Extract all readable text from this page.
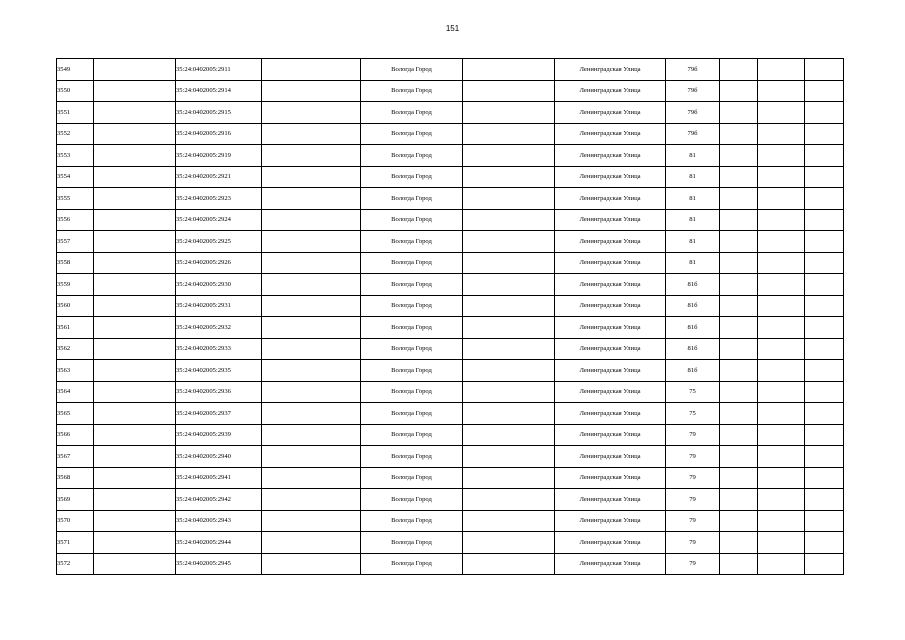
151
3549		35:24:0402005:2911		Вологда Город		Ленинградская Улица	79б			
3550		35:24:0402005:2914		Вологда Город		Ленинградская Улица	79б			
3551		35:24:0402005:2915		Вологда Город		Ленинградская Улица	79б			
3552		35:24:0402005:2916		Вологда Город		Ленинградская Улица	79б			
3553		35:24:0402005:2919		Вологда Город		Ленинградская Улица	81			
3554		35:24:0402005:2921		Вологда Город		Ленинградская Улица	81			
3555		35:24:0402005:2923		Вологда Город		Ленинградская Улица	81			
3556		35:24:0402005:2924		Вологда Город		Ленинградская Улица	81			
3557		35:24:0402005:2925		Вологда Город		Ленинградская Улица	81			
3558		35:24:0402005:2926		Вологда Город		Ленинградская Улица	81			
3559		35:24:0402005:2930		Вологда Город		Ленинградская Улица	81б			
3560		35:24:0402005:2931		Вологда Город		Ленинградская Улица	81б			
3561		35:24:0402005:2932		Вологда Город		Ленинградская Улица	81б			
3562		35:24:0402005:2933		Вологда Город		Ленинградская Улица	81б			
3563		35:24:0402005:2935		Вологда Город		Ленинградская Улица	81б			
3564		35:24:0402005:2936		Вологда Город		Ленинградская Улица	75			
3565		35:24:0402005:2937		Вологда Город		Ленинградская Улица	75			
3566		35:24:0402005:2939		Вологда Город		Ленинградская Улица	79			
3567		35:24:0402005:2940		Вологда Город		Ленинградская Улица	79			
3568		35:24:0402005:2941		Вологда Город		Ленинградская Улица	79			
3569		35:24:0402005:2942		Вологда Город		Ленинградская Улица	79			
3570		35:24:0402005:2943		Вологда Город		Ленинградская Улица	79			
3571		35:24:0402005:2944		Вологда Город		Ленинградская Улица	79			
3572		35:24:0402005:2945		Вологда Город		Ленинградская Улица	79			
